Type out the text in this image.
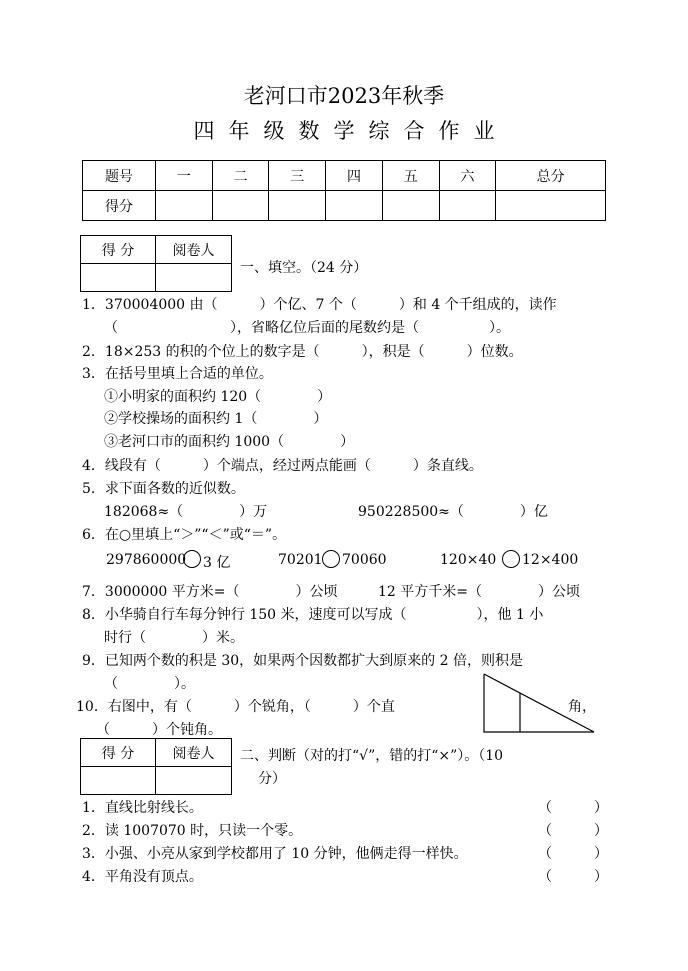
老河口市2023年秋季
四年级数学综合作业
题号	一	二	三	四	五	六	总分
得分							
得 分	阅卷人

一、填空。（24 分）
1．370004000 由（　　　）个亿、7 个（　　　）和 4 个千组成的，读作
（　　　　　　　　），省略亿位后面的尾数约是（　　　　　）。
2．18×253 的积的个位上的数字是（　　　），积是（　　　）位数。
3．在括号里填上合适的单位。
①小明家的面积约 120（　　　　）
②学校操场的面积约 1（　　　　）
③老河口市的面积约 1000（　　　　）
4．线段有（　　　）个端点，经过两点能画（　　　）条直线。
5．求下面各数的近似数。
182068≈（　　　　）万	950228500≈（　　　　）亿
6．在○里填上“＞”“＜”或“＝”。
297860000 3 亿	70201 70060	120×40 12×400
7．3000000 平方米=（　　　　）公顷	12 平方千米=（　　　　）公顷
8．小华骑自行车每分钟行 150 米，速度可以写成（　　　　　），他 1 小
时行（　　　　）米。
9．已知两个数的积是 30，如果两个因数都扩大到原来的 2 倍，则积是
（　　　　）。
10．右图中，有（　　　）个锐角，（　　　）个直	角，
（　　　）个钝角。
得 分	阅卷人
	二、判断（对的打“√”，错的打“×”）。（10
分）
1．直线比射线长。	（　　　）
2．读 1007070 时，只读一个零。	（　　　）
3．小强、小亮从家到学校都用了 10 分钟，他俩走得一样快。	（　　　）
4．平角没有顶点。	（　　　）
